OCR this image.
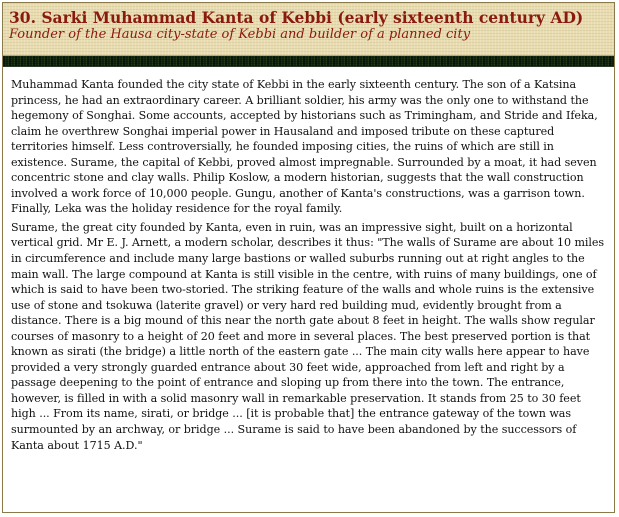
30. Sarki Muhammad Kanta of Kebbi (early sixteenth century AD)

Founder of the Hausa city-state of Kebbi and builder of a planned city

Muhammad Kanta founded the city state of Kebbi in the early sixteenth century. The son of a Katsina princess, he had an extraordinary career. A brilliant soldier, his army was the only one to withstand the hegemony of Songhai. Some accounts, accepted by historians such as Trimingham, and Stride and Ifeka, claim he overthrew Songhai imperial power in Hausaland and imposed tribute on these captured territories himself. Less controversially, he founded imposing cities, the ruins of which are still in existence. Surame, the capital of Kebbi, proved almost impregnable. Surrounded by a moat, it had seven concentric stone and clay walls. Philip Koslow, a modern historian, suggests that the wall construction involved a work force of 10,000 people. Gungu, another of Kanta's constructions, was a garrison town. Finally, Leka was the holiday residence for the royal family.

Surame, the great city founded by Kanta, even in ruin, was an impressive sight, built on a horizontal vertical grid. Mr E. J. Arnett, a modern scholar, describes it thus: "The walls of Surame are about 10 miles in circumference and include many large bastions or walled suburbs running out at right angles to the main wall. The large compound at Kanta is still visible in the centre, with ruins of many buildings, one of which is said to have been two-storied. The striking feature of the walls and whole ruins is the extensive use of stone and tsokuwa (laterite gravel) or very hard red building mud, evidently brought from a distance. There is a big mound of this near the north gate about 8 feet in height. The walls show regular courses of masonry to a height of 20 feet and more in several places. The best preserved portion is that known as sirati (the bridge) a little north of the eastern gate ... The main city walls here appear to have provided a very strongly guarded entrance about 30 feet wide, approached from left and right by a passage deepening to the point of entrance and sloping up from there into the town. The entrance, however, is filled in with a solid masonry wall in remarkable preservation. It stands from 25 to 30 feet high ... From its name, sirati, or bridge ... [it is probable that] the entrance gateway of the town was surmounted by an archway, or bridge ... Surame is said to have been abandoned by the successors of Kanta about 1715 A.D."
